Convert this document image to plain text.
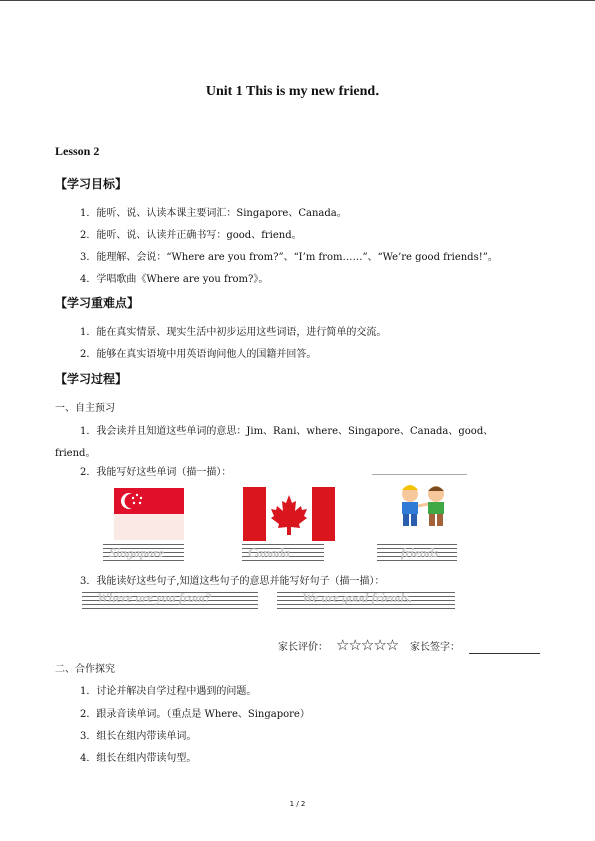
Unit 1 This is my new friend．
Lesson 2
【学习目标】
1．能听、说、认读本课主要词汇：Singapore、Canada。
2．能听、说、认读并正确书写：good、friend。
3．能理解、会说：“Where are you from?”、“I’m from……”、“We’re good friends!”。
4．学唱歌曲《Where are you from?》。
【学习重难点】
1．能在真实情景、现实生活中初步运用这些词语，进行简单的交流。
2．能够在真实语境中用英语询问他人的国籍并回答。
【学习过程】
一、自主预习
1．我会读并且知道这些单词的意思：Jim、Rani、where、Singapore、Canada、good、
friend。
2．我能写好这些单词（描一描）：
Singapore	Canada	friends
3．我能读好这些句子,知道这些句子的意思并能写好句子（描一描）：
Where are you from?	We are good friends.
家长评价： ☆☆☆☆☆ 家长签字：
二、合作探究
1．讨论并解决自学过程中遇到的问题。
2．跟录音读单词。（重点是 Where、Singapore）
3．组长在组内带读单词。
4．组长在组内带读句型。
1 / 2
